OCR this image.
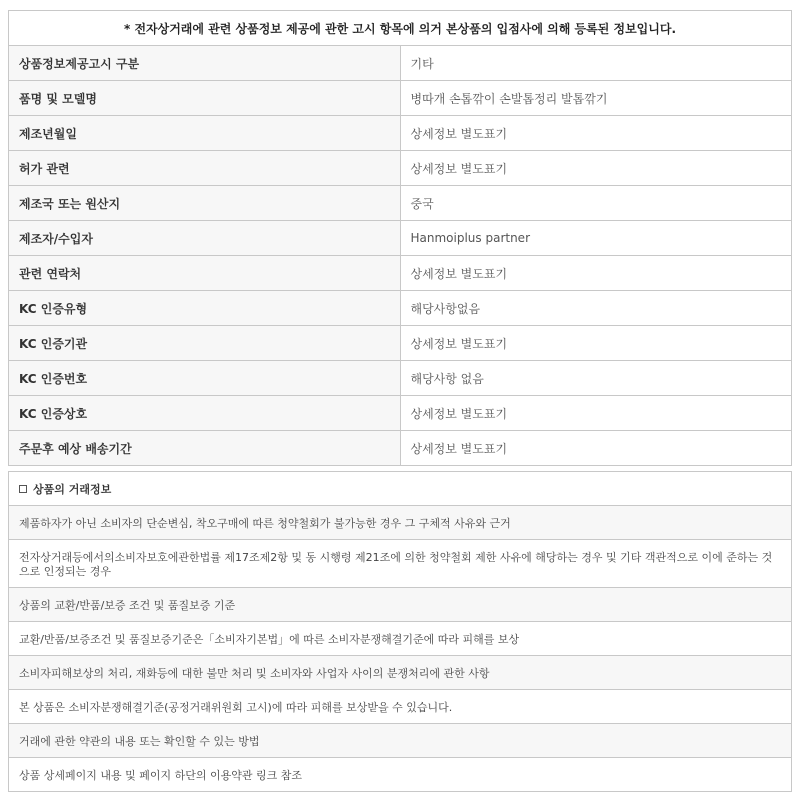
* 전자상거래에 관련 상품정보 제공에 관한 고시 항목에 의거 본상품의 입점사에 의해 등록된 정보입니다.	
상품정보제공고시 구분	기타
품명 및 모델명	병따개 손톱깎이 손발톱정리 발톱깎기
제조년월일	상세정보 별도표기
허가 관련	상세정보 별도표기
제조국 또는 원산지	중국
제조자/수입자	Hanmoiplus partner
관련 연락처	상세정보 별도표기
KC 인증유형	해당사항없음
KC 인증기관	상세정보 별도표기
KC 인증번호	해당사항 없음
KC 인증상호	상세정보 별도표기
주문후 예상 배송기간	상세정보 별도표기
상품의 거래정보
제품하자가 아닌 소비자의 단순변심, 착오구매에 따른 청약철회가 불가능한 경우 그 구체적 사유와 근거
전자상거래등에서의소비자보호에관한법률 제17조제2항 및 동 시행령 제21조에 의한 청약철회 제한 사유에 해당하는 경우 및 기타 객관적으로 이에 준하는 것으로 인정되는 경우
상품의 교환/반품/보증 조건 및 품질보증 기준
교환/반품/보증조건 및 품질보증기준은「소비자기본법」에 따른 소비자분쟁해결기준에 따라 피해를 보상
소비자피해보상의 처리, 재화등에 대한 불만 처리 및 소비자와 사업자 사이의 분쟁처리에 관한 사항
본 상품은 소비자분쟁해결기준(공정거래위원회 고시)에 따라 피해를 보상받을 수 있습니다.
거래에 관한 약관의 내용 또는 확인할 수 있는 방법
상품 상세페이지 내용 및 페이지 하단의 이용약관 링크 참조
